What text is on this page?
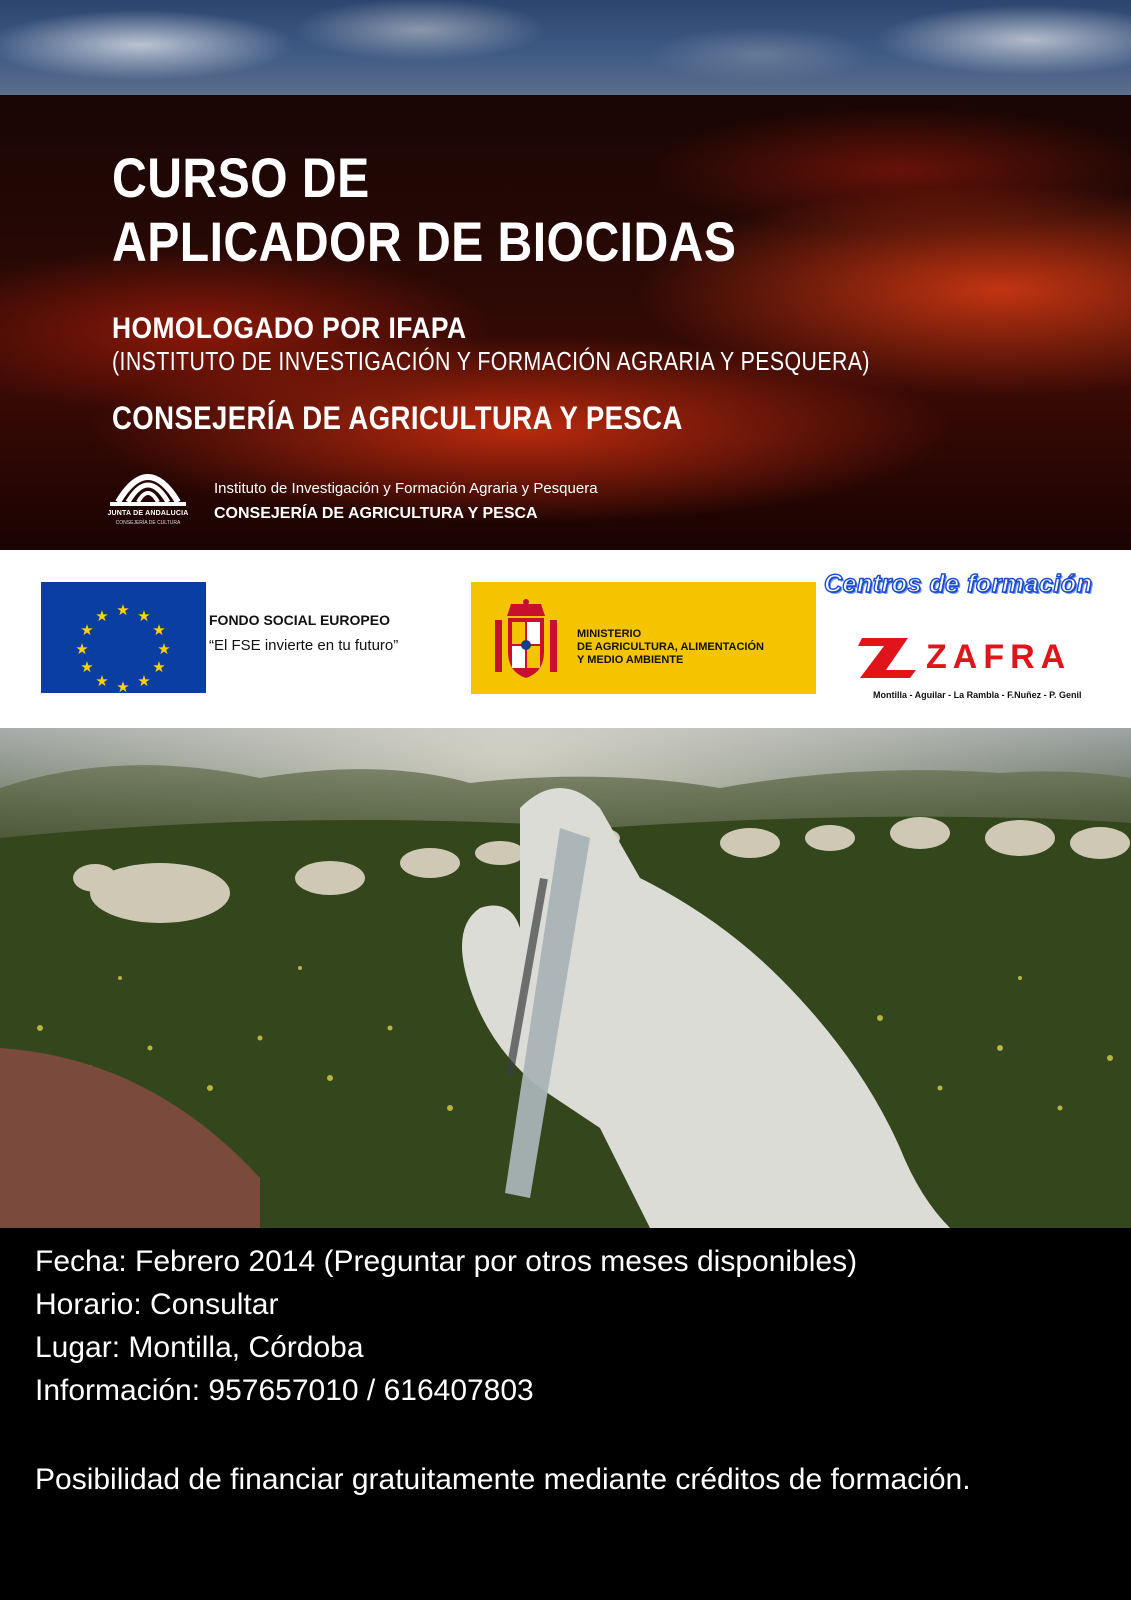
CURSO DE
APLICADOR DE BIOCIDAS
HOMOLOGADO POR IFAPA
(INSTITUTO DE INVESTIGACIÓN Y FORMACIÓN AGRARIA Y PESQUERA)
CONSEJERÍA DE AGRICULTURA Y PESCA
JUNTA DE ANDALUCIA
CONSEJERÍA DE CULTURA
Instituto de Investigación y Formación Agraria y Pesquera
CONSEJERÍA DE AGRICULTURA Y PESCA
★ ★
★
★
★
★
★
★
★
★
★
★	FONDO SOCIAL EUROPEO
“El FSE invierte en tu futuro”
MINISTERIO
DE AGRICULTURA, ALIMENTACIÓN
Y MEDIO AMBIENTE
Centros de formación
ZAFRA
Montilla - Aguilar - La Rambla - F.Nuñez - P. Genil
Fecha: Febrero 2014 (Preguntar por otros meses disponibles)
Horario: Consultar
Lugar: Montilla, Córdoba
Información: 957657010 / 616407803
Posibilidad de financiar gratuitamente mediante créditos de formación.
